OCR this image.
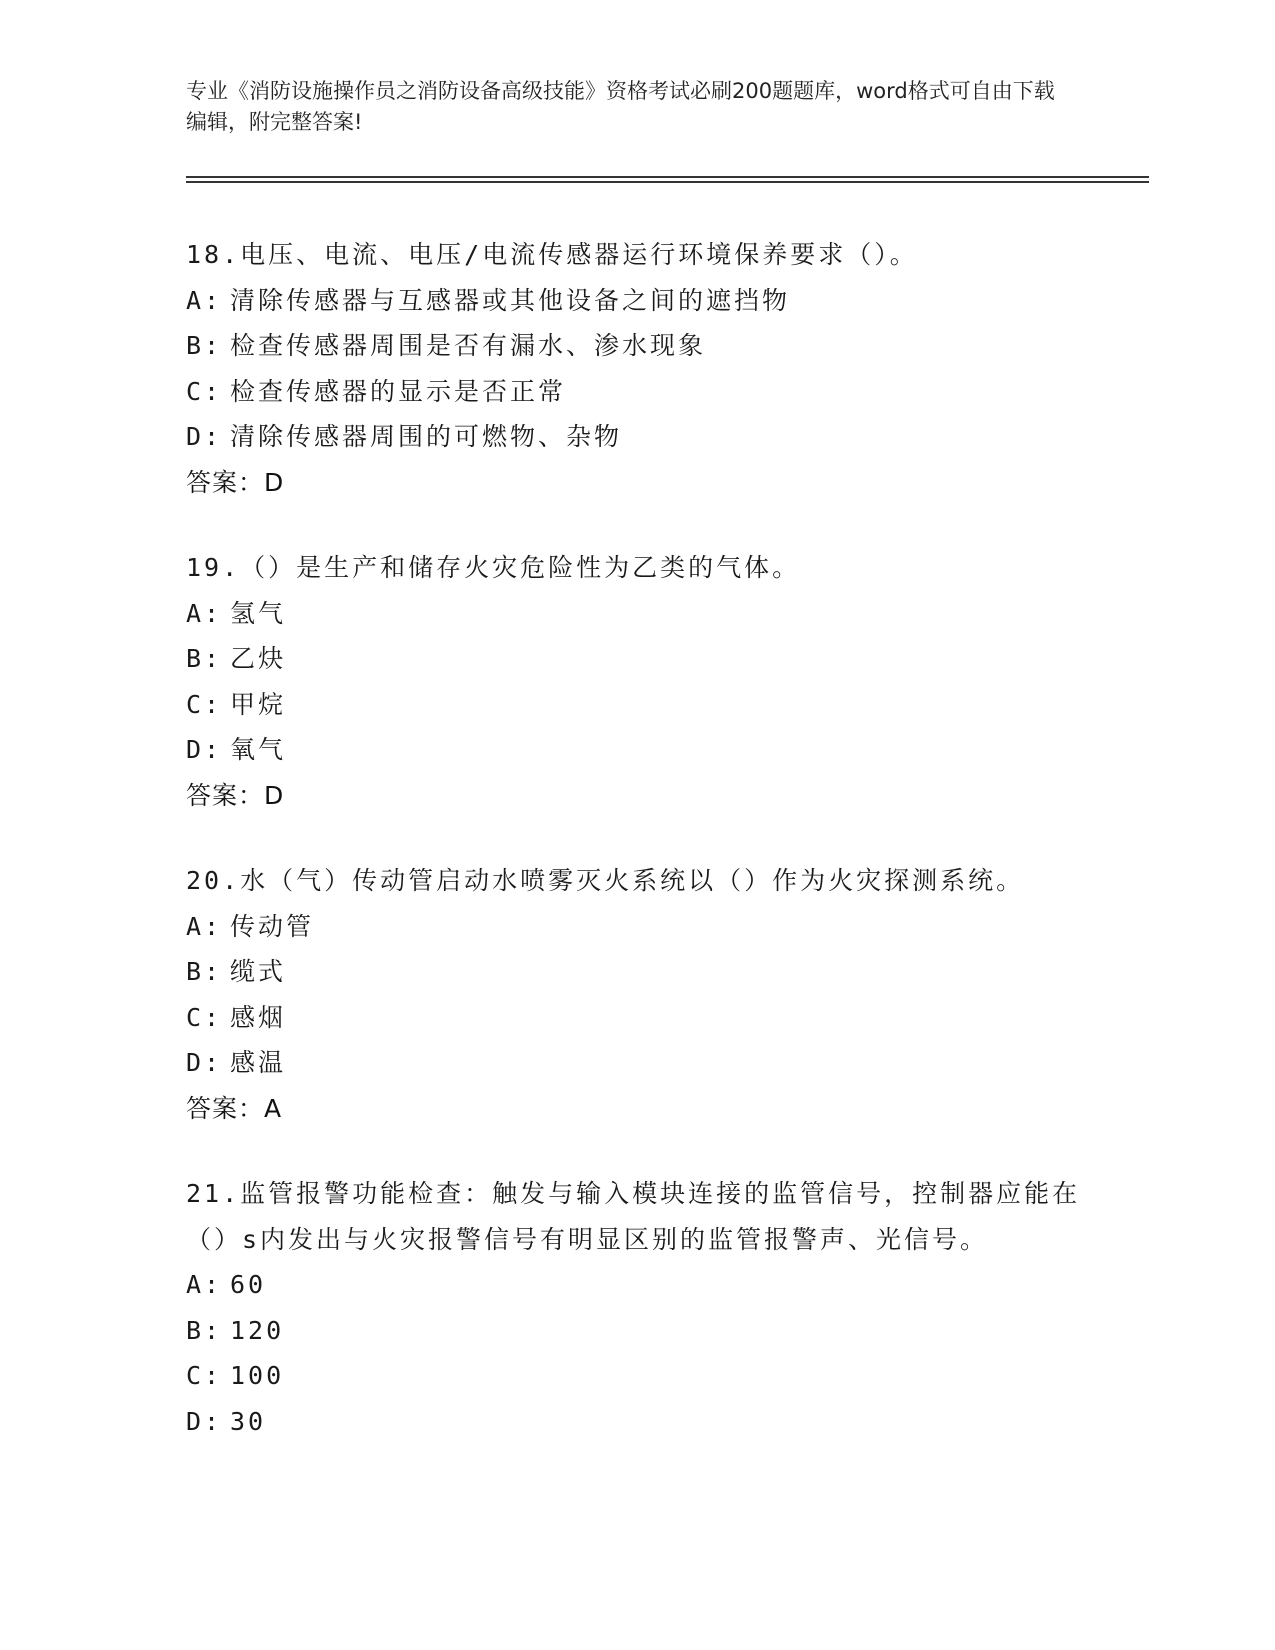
专业《消防设施操作员之消防设备高级技能》资格考试必刷200题题库，word格式可自由下载编辑，附完整答案!
18.电压、电流、电压/电流传感器运行环境保养要求（）。
A: 清除传感器与互感器或其他设备之间的遮挡物
B: 检查传感器周围是否有漏水、渗水现象
C: 检查传感器的显示是否正常
D: 清除传感器周围的可燃物、杂物
答案：D
19.（）是生产和储存火灾危险性为乙类的气体。
A: 氢气
B: 乙炔
C: 甲烷
D: 氧气
答案：D
20.水（气）传动管启动水喷雾灭火系统以（）作为火灾探测系统。
A: 传动管
B: 缆式
C: 感烟
D: 感温
答案：A
21.监管报警功能检查：触发与输入模块连接的监管信号，控制器应能在（）s内发出与火灾报警信号有明显区别的监管报警声、光信号。
A: 60
B: 120
C: 100
D: 30
